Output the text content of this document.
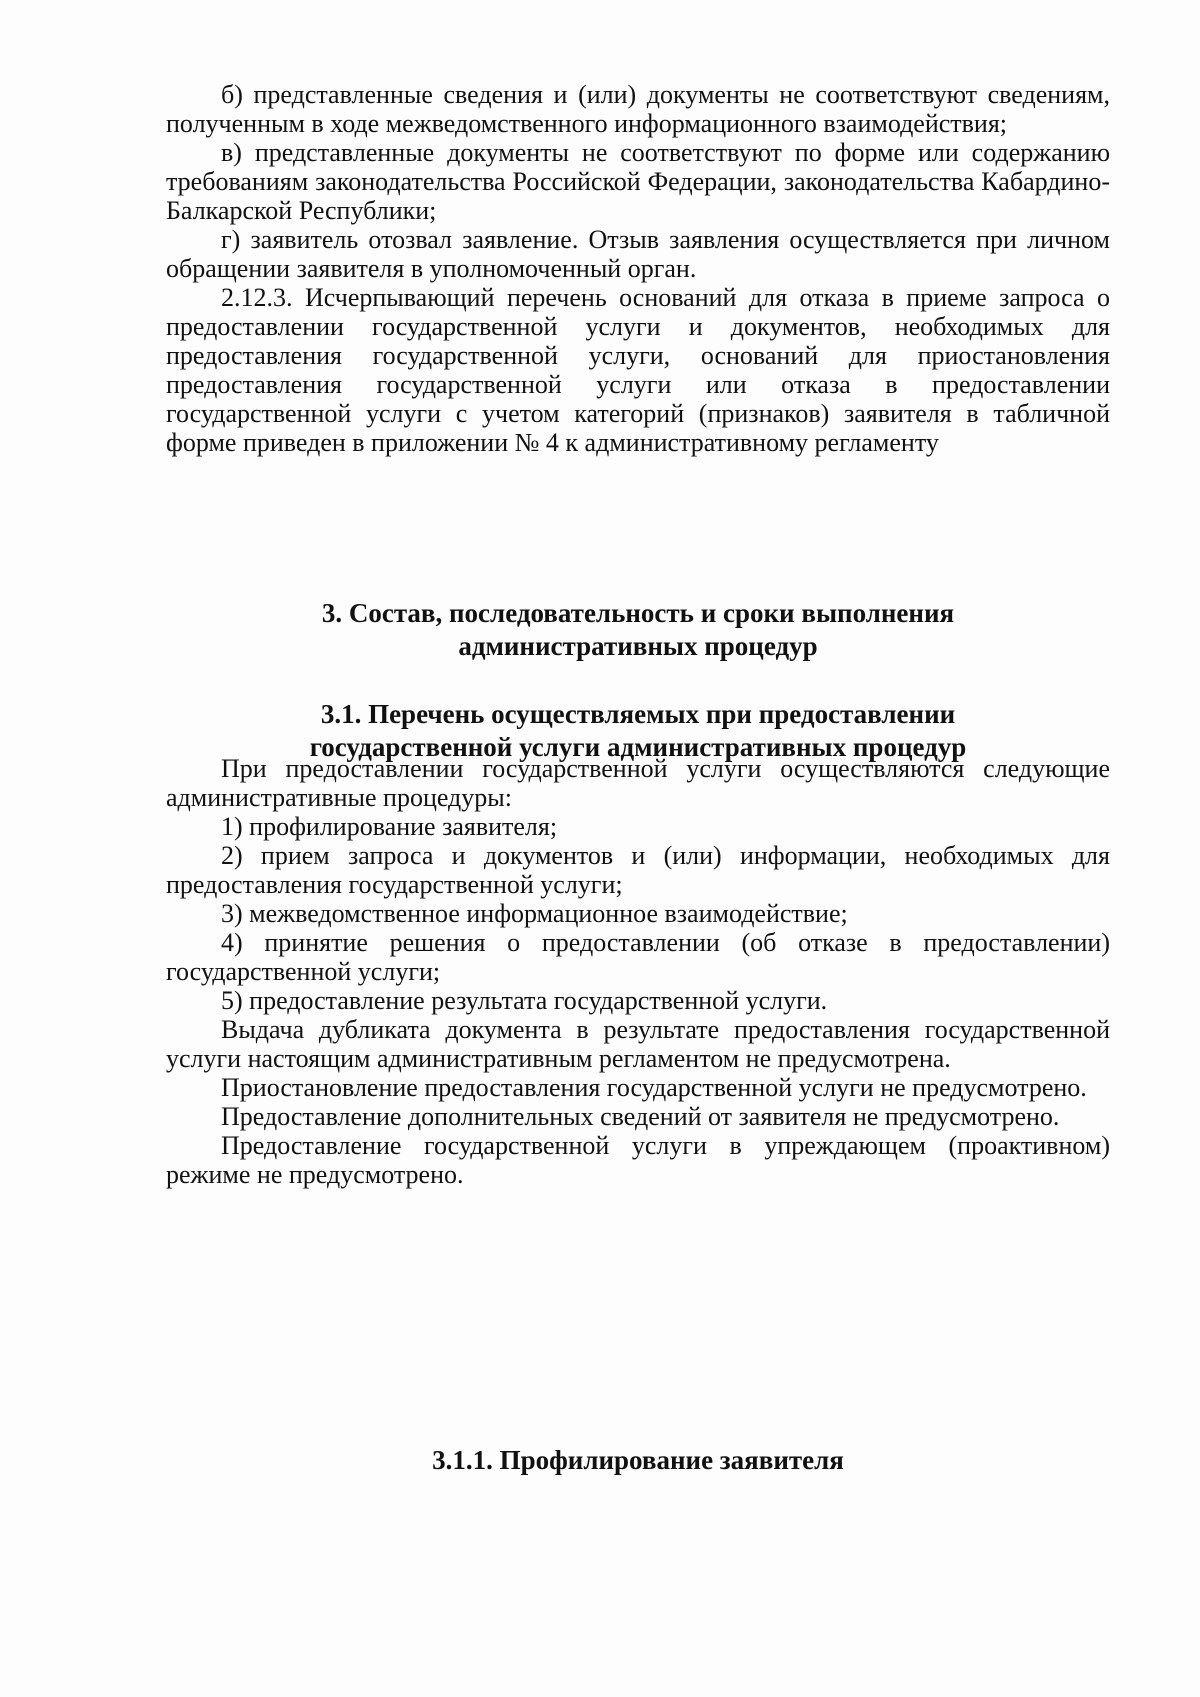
б) представленные сведения и (или) документы не соответствуют сведениям, полученным в ходе межведомственного информационного взаимодействия;

в) представленные документы не соответствуют по форме или содержанию требованиям законодательства Российской Федерации, законодательства Кабардино-Балкарской Республики;

г) заявитель отозвал заявление. Отзыв заявления осуществляется при личном обращении заявителя в уполномоченный орган.

2.12.3. Исчерпывающий перечень оснований для отказа в приеме запроса о предоставлении государственной услуги и документов, необходимых для предоставления государственной услуги, оснований для приостановления предоставления государственной услуги или отказа в предоставлении государственной услуги с учетом категорий (признаков) заявителя в табличной форме приведен в приложении № 4 к административному регламенту

3. Состав, последовательность и сроки выполнения
административных процедур
3.1. Перечень осуществляемых при предоставлении
государственной услуги административных процедур

При предоставлении государственной услуги осуществляются следующие административные процедуры:

1) профилирование заявителя;

2) прием запроса и документов и (или) информации, необходимых для предоставления государственной услуги;

3) межведомственное информационное взаимодействие;

4) принятие решения о предоставлении (об отказе в предоставлении) государственной услуги;

5) предоставление результата государственной услуги.

Выдача дубликата документа в результате предоставления государственной услуги настоящим административным регламентом не предусмотрена.

Приостановление предоставления государственной услуги не предусмотрено.

Предоставление дополнительных сведений от заявителя не предусмотрено.

Предоставление государственной услуги в упреждающем (проактивном) режиме не предусмотрено.

3.1.1. Профилирование заявителя
